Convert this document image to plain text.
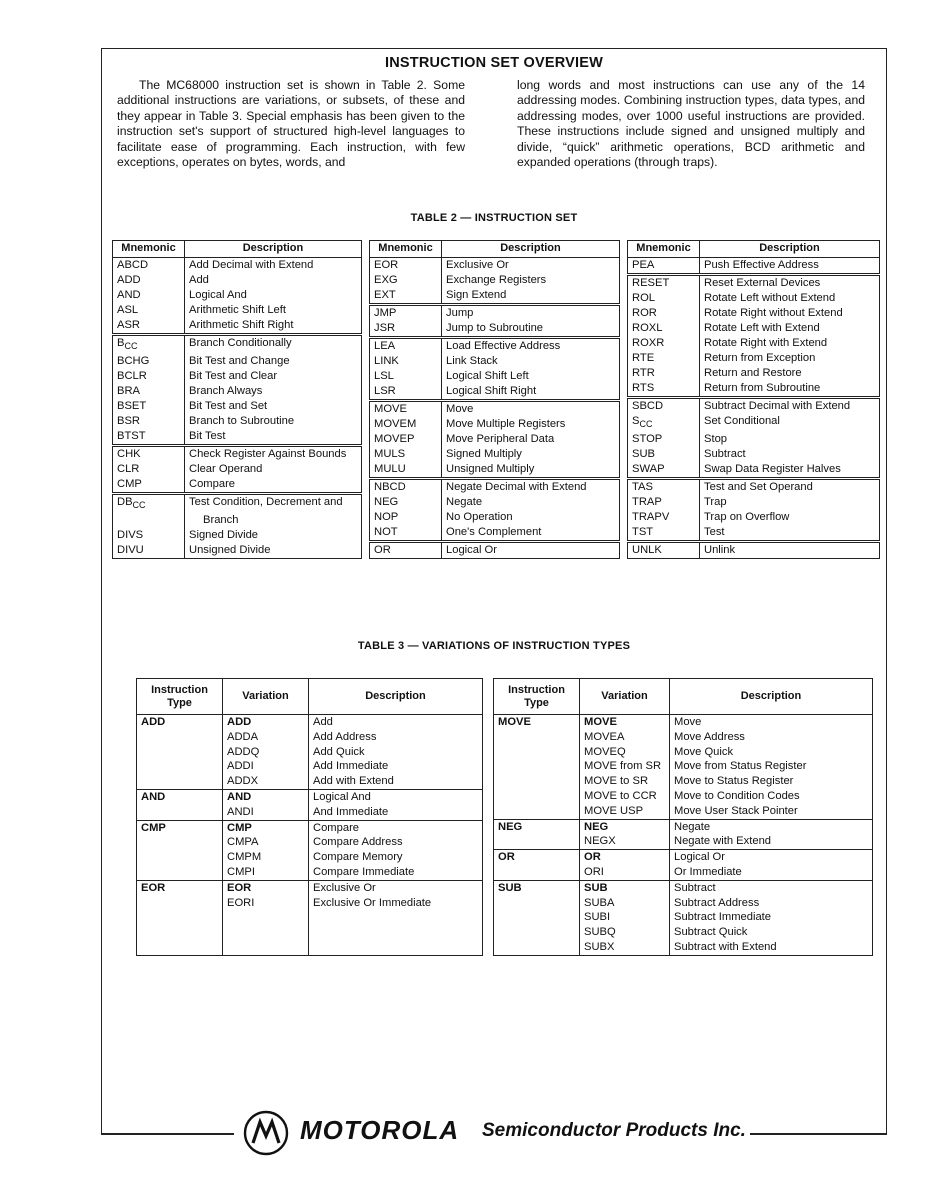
INSTRUCTION SET OVERVIEW

The MC68000 instruction set is shown in Table 2. Some additional instructions are variations, or subsets, of these and they appear in Table 3. Special emphasis has been given to the instruction set's support of structured high-level languages to facilitate ease of programming. Each instruction, with few exceptions, operates on bytes, words, and

long words and most instructions can use any of the 14 addressing modes. Combining instruction types, data types, and addressing modes, over 1000 useful instructions are provided. These instructions include signed and unsigned multiply and divide, “quick” arithmetic operations, BCD arithmetic and expanded operations (through traps).

TABLE 2 — INSTRUCTION SET
Mnemonic	Description
ABCD	Add Decimal with Extend
ADD	Add
AND	Logical And
ASL	Arithmetic Shift Left
ASR	Arithmetic Shift Right

$B_{CC}$	Branch Conditionally
BCHG	Bit Test and Change
BCLR	Bit Test and Clear
BRA	Branch Always
BSET	Bit Test and Set
BSR	Branch to Subroutine
BTST	Bit Test

CHK	Check Register Against Bounds
CLR	Clear Operand
CMP	Compare

$DB_{CC}$	Test Condition, Decrement and
	Branch
DIVS	Signed Divide
DIVU	Unsigned Divide
Mnemonic	Description
EOR	Exclusive Or
EXG	Exchange Registers
EXT	Sign Extend

JMP	Jump
JSR	Jump to Subroutine

LEA	Load Effective Address
LINK	Link Stack
LSL	Logical Shift Left
LSR	Logical Shift Right

MOVE	Move
MOVEM	Move Multiple Registers
MOVEP	Move Peripheral Data
MULS	Signed Multiply
MULU	Unsigned Multiply

NBCD	Negate Decimal with Extend
NEG	Negate
NOP	No Operation
NOT	One's Complement

OR	Logical Or
Mnemonic	Description
PEA	Push Effective Address

RESET	Reset External Devices
ROL	Rotate Left without Extend
ROR	Rotate Right without Extend
ROXL	Rotate Left with Extend
ROXR	Rotate Right with Extend
RTE	Return from Exception
RTR	Return and Restore
RTS	Return from Subroutine

SBCD	Subtract Decimal with Extend
$S_{CC}$	Set Conditional
STOP	Stop
SUB	Subtract
SWAP	Swap Data Register Halves

TAS	Test and Set Operand
TRAP	Trap
TRAPV	Trap on Overflow
TST	Test

UNLK	Unlink
TABLE 3 — VARIATIONS OF INSTRUCTION TYPES
Instruction Type	Variation	Description
ADD	ADD	Add
	ADDA	Add Address
	ADDQ	Add Quick
	ADDI	Add Immediate
	ADDX	Add with Extend
AND	AND	Logical And
	ANDI	And Immediate
CMP	CMP	Compare
	CMPA	Compare Address
	CMPM	Compare Memory
	CMPI	Compare Immediate
EOR	EOR	Exclusive Or
	EORI	Exclusive Or Immediate

Instruction Type	Variation	Description
MOVE	MOVE	Move
	MOVEA	Move Address
	MOVEQ	Move Quick
	MOVE from SR	Move from Status Register
	MOVE to SR	Move to Status Register
	MOVE to CCR	Move to Condition Codes
	MOVE USP	Move User Stack Pointer
NEG	NEG	Negate
	NEGX	Negate with Extend
OR	OR	Logical Or
	ORI	Or Immediate
SUB	SUB	Subtract
	SUBA	Subtract Address
	SUBI	Subtract Immediate
	SUBQ	Subtract Quick
	SUBX	Subtract with Extend
MOTOROLA Semiconductor Products Inc.
